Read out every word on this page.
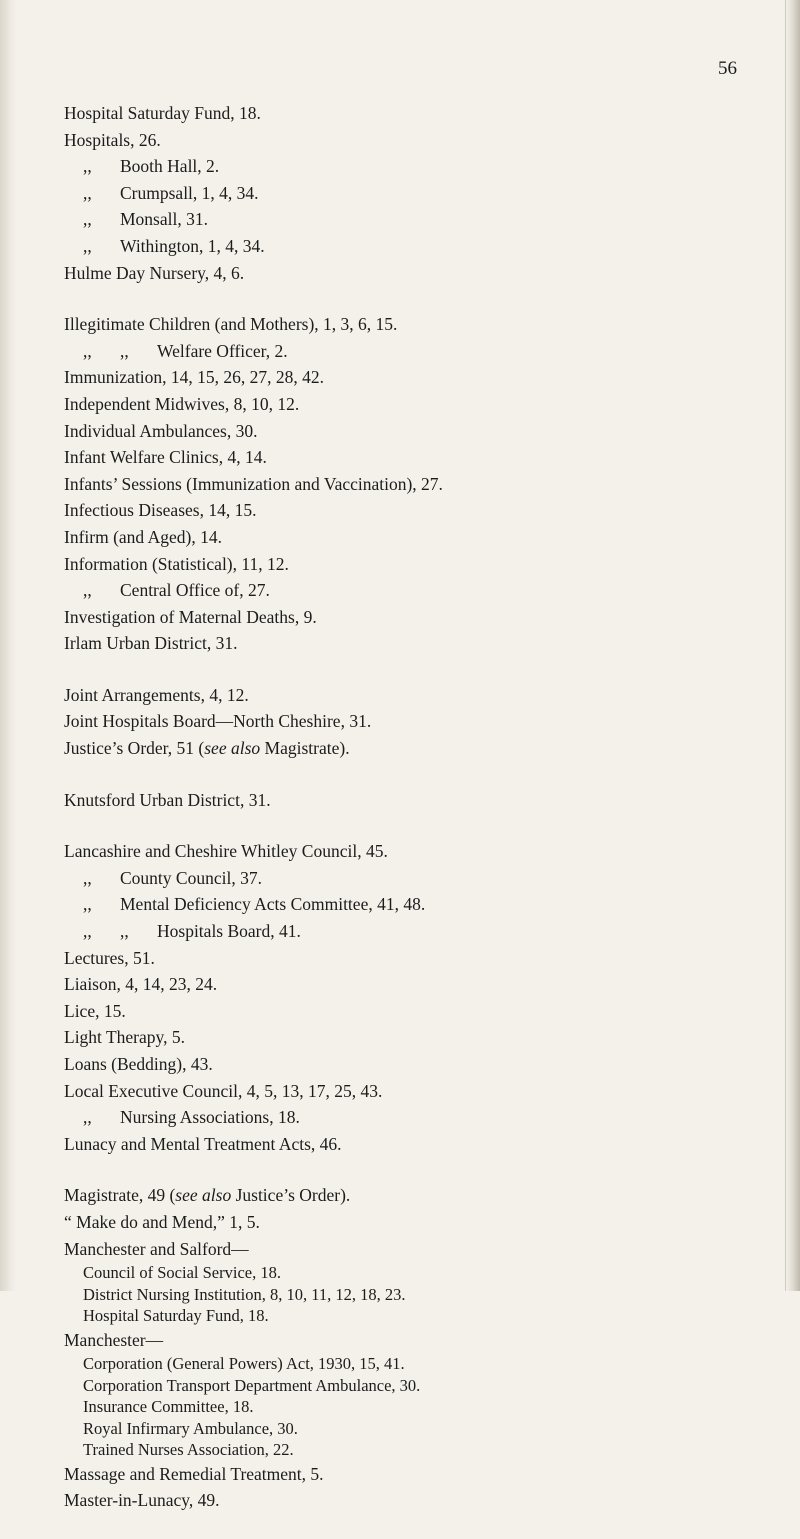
56
Hospital Saturday Fund, 18.
Hospitals, 26.
,, Booth Hall, 2.
,, Crumpsall, 1, 4, 34.
,, Monsall, 31.
,, Withington, 1, 4, 34.
Hulme Day Nursery, 4, 6.
Illegitimate Children (and Mothers), 1, 3, 6, 15.
,, ,, Welfare Officer, 2.
Immunization, 14, 15, 26, 27, 28, 42.
Independent Midwives, 8, 10, 12.
Individual Ambulances, 30.
Infant Welfare Clinics, 4, 14.
Infants’ Sessions (Immunization and Vaccination), 27.
Infectious Diseases, 14, 15.
Infirm (and Aged), 14.
Information (Statistical), 11, 12.
,, Central Office of, 27.
Investigation of Maternal Deaths, 9.
Irlam Urban District, 31.
Joint Arrangements, 4, 12.
Joint Hospitals Board—North Cheshire, 31.
Justice’s Order, 51 (see also Magistrate).
Knutsford Urban District, 31.
Lancashire and Cheshire Whitley Council, 45.
,, County Council, 37.
,, Mental Deficiency Acts Committee, 41, 48.
,, ,, Hospitals Board, 41.
Lectures, 51.
Liaison, 4, 14, 23, 24.
Lice, 15.
Light Therapy, 5.
Loans (Bedding), 43.
Local Executive Council, 4, 5, 13, 17, 25, 43.
,, Nursing Associations, 18.
Lunacy and Mental Treatment Acts, 46.
Magistrate, 49 (see also Justice’s Order).
“ Make do and Mend,” 1, 5.
Manchester and Salford—
Council of Social Service, 18.
District Nursing Institution, 8, 10, 11, 12, 18, 23.
Hospital Saturday Fund, 18.
Manchester—
Corporation (General Powers) Act, 1930, 15, 41.
Corporation Transport Department Ambulance, 30.
Insurance Committee, 18.
Royal Infirmary Ambulance, 30.
Trained Nurses Association, 22.
Massage and Remedial Treatment, 5.
Master-in-Lunacy, 49.
